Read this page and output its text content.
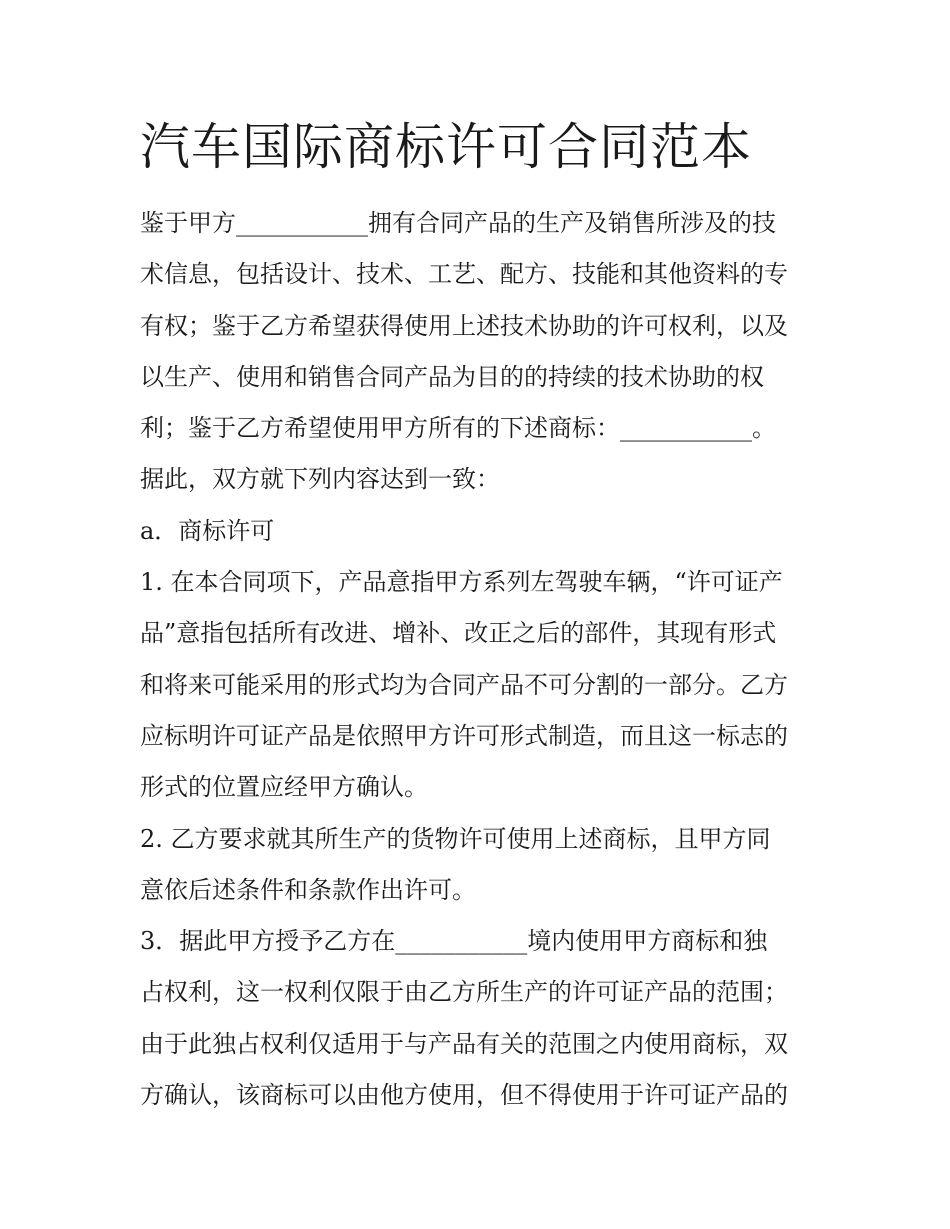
汽车国际商标许可合同范本
鉴于甲方___________拥有合同产品的生产及销售所涉及的技
术信息，包括设计、技术、工艺、配方、技能和其他资料的专
有权；鉴于乙方希望获得使用上述技术协助的许可权利，以及
以生产、使用和销售合同产品为目的的持续的技术协助的权
利；鉴于乙方希望使用甲方所有的下述商标：___________。
据此，双方就下列内容达到一致：
a．商标许可
1. 在本合同项下，产品意指甲方系列左驾驶车辆，“许可证产
品”意指包括所有改进、增补、改正之后的部件，其现有形式
和将来可能采用的形式均为合同产品不可分割的一部分。乙方
应标明许可证产品是依照甲方许可形式制造，而且这一标志的
形式的位置应经甲方确认。
2. 乙方要求就其所生产的货物许可使用上述商标，且甲方同
意依后述条件和条款作出许可。
3．据此甲方授予乙方在___________境内使用甲方商标和独
占权利，这一权利仅限于由乙方所生产的许可证产品的范围；
由于此独占权利仅适用于与产品有关的范围之内使用商标，双
方确认，该商标可以由他方使用，但不得使用于许可证产品的
